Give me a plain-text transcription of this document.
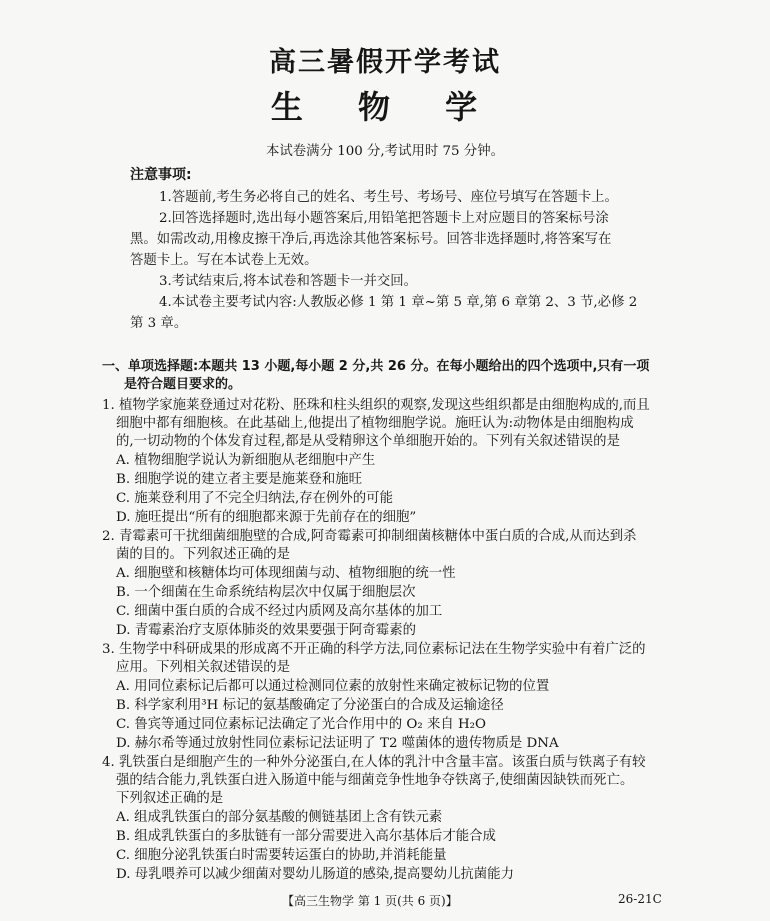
高三暑假开学考试
生 物 学
本试卷满分 100 分,考试用时 75 分钟。
注意事项:
1.答题前,考生务必将自己的姓名、考生号、考场号、座位号填写在答题卡上。
2.回答选择题时,选出每小题答案后,用铅笔把答题卡上对应题目的答案标号涂
黑。如需改动,用橡皮擦干净后,再选涂其他答案标号。回答非选择题时,将答案写在
答题卡上。写在本试卷上无效。
3.考试结束后,将本试卷和答题卡一并交回。
4.本试卷主要考试内容:人教版必修 1 第 1 章~第 5 章,第 6 章第 2、3 节,必修 2
第 3 章。
一、单项选择题:本题共 13 小题,每小题 2 分,共 26 分。在每小题给出的四个选项中,只有一项
是符合题目要求的。
1. 植物学家施莱登通过对花粉、胚珠和柱头组织的观察,发现这些组织都是由细胞构成的,而且
细胞中都有细胞核。在此基础上,他提出了植物细胞学说。施旺认为:动物体是由细胞构成
的,一切动物的个体发育过程,都是从受精卵这个单细胞开始的。下列有关叙述错误的是
A. 植物细胞学说认为新细胞从老细胞中产生
B. 细胞学说的建立者主要是施莱登和施旺
C. 施莱登利用了不完全归纳法,存在例外的可能
D. 施旺提出“所有的细胞都来源于先前存在的细胞”
2. 青霉素可干扰细菌细胞壁的合成,阿奇霉素可抑制细菌核糖体中蛋白质的合成,从而达到杀
菌的目的。下列叙述正确的是
A. 细胞壁和核糖体均可体现细菌与动、植物细胞的统一性
B. 一个细菌在生命系统结构层次中仅属于细胞层次
C. 细菌中蛋白质的合成不经过内质网及高尔基体的加工
D. 青霉素治疗支原体肺炎的效果要强于阿奇霉素的
3. 生物学中科研成果的形成离不开正确的科学方法,同位素标记法在生物学实验中有着广泛的
应用。下列相关叙述错误的是
A. 用同位素标记后都可以通过检测同位素的放射性来确定被标记物的位置
B. 科学家利用³H 标记的氨基酸确定了分泌蛋白的合成及运输途径
C. 鲁宾等通过同位素标记法确定了光合作用中的 O₂ 来自 H₂O
D. 赫尔希等通过放射性同位素标记法证明了 T2 噬菌体的遗传物质是 DNA
4. 乳铁蛋白是细胞产生的一种外分泌蛋白,在人体的乳汁中含量丰富。该蛋白质与铁离子有较
强的结合能力,乳铁蛋白进入肠道中能与细菌竞争性地争夺铁离子,使细菌因缺铁而死亡。
下列叙述正确的是
A. 组成乳铁蛋白的部分氨基酸的侧链基团上含有铁元素
B. 组成乳铁蛋白的多肽链有一部分需要进入高尔基体后才能合成
C. 细胞分泌乳铁蛋白时需要转运蛋白的协助,并消耗能量
D. 母乳喂养可以减少细菌对婴幼儿肠道的感染,提高婴幼儿抗菌能力
【高三生物学 第 1 页(共 6 页)】	26-21C
